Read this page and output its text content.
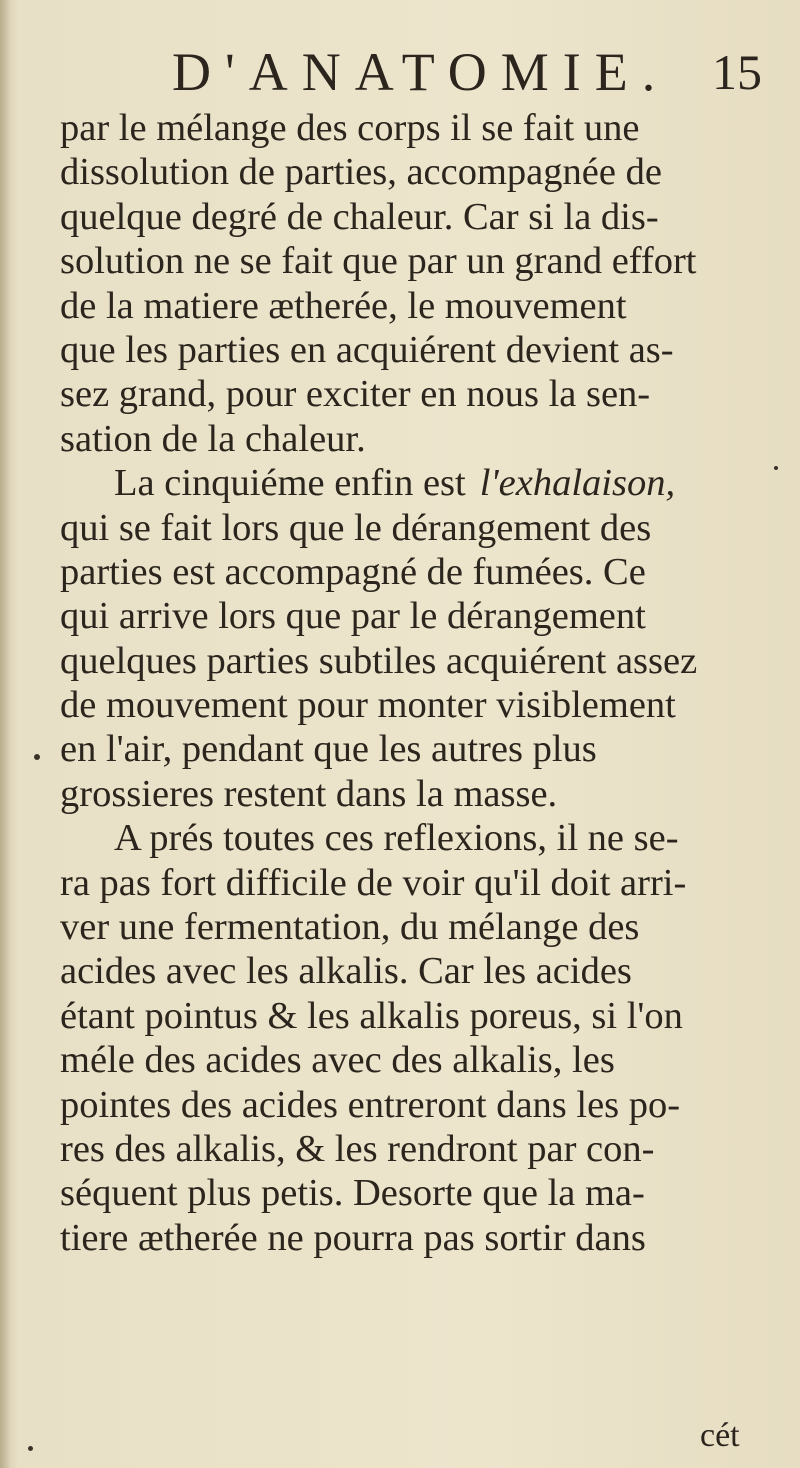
D'ANATOMIE. 15
par le mélange des corps il se fait une
dissolution de parties, accompagnée de
quelque degré de chaleur. Car si la dis-
solution ne se fait que par un grand effort
de la matiere ætherée, le mouvement
que les parties en acquiérent devient as-
sez grand, pour exciter en nous la sen-
sation de la chaleur.
La cinquiéme enfin est l'exhalaison,
qui se fait lors que le dérangement des
parties est accompagné de fumées. Ce
qui arrive lors que par le dérangement
quelques parties subtiles acquiérent assez
de mouvement pour monter visiblement
en l'air, pendant que les autres plus
grossieres restent dans la masse.
A prés toutes ces reflexions, il ne se-
ra pas fort difficile de voir qu'il doit arri-
ver une fermentation, du mélange des
acides avec les alkalis. Car les acides
étant pointus & les alkalis poreus, si l'on
méle des acides avec des alkalis, les
pointes des acides entreront dans les po-
res des alkalis, & les rendront par con-
séquent plus petis. Desorte que la ma-
tiere ætherée ne pourra pas sortir dans
cét
